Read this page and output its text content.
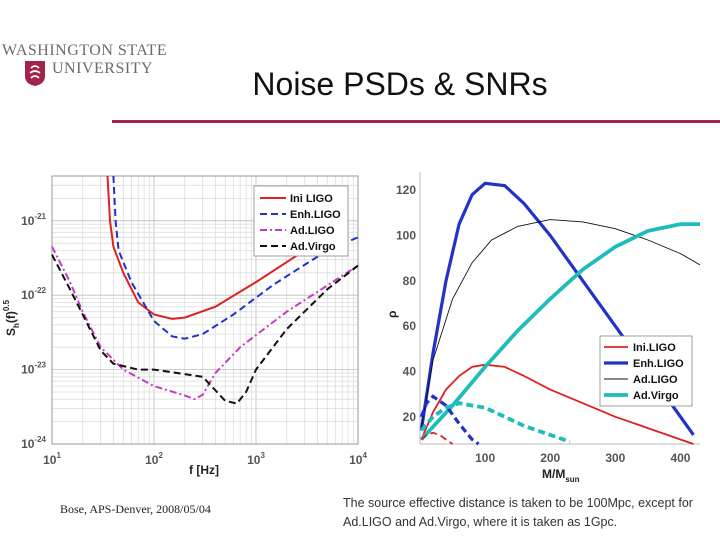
WASHINGTON STATE
UNIVERSITY	Noise PSDs & SNRs
$10^1$	$10^2$	$10^3$	$10^4$
$10^{-24}$
$10^{-23}$
$10^{-22}$
$10^{-21}$
f [Hz]
$S_h(f)^{0.5}$
Ini LIGO
Enh.LIGO
Ad.LIGO
Ad.Virgo
100	200	300	400
20
40
60
80
100
120
$M/M_{sun}$
ρ
Ini.LIGO
Enh.LIGO
Ad.LIGO
Ad.Virgo
Bose, APS-Denver, 2008/05/04	The source effective distance is taken to be 100Mpc, except for Ad.LIGO and Ad.Virgo, where it is taken as 1Gpc.
